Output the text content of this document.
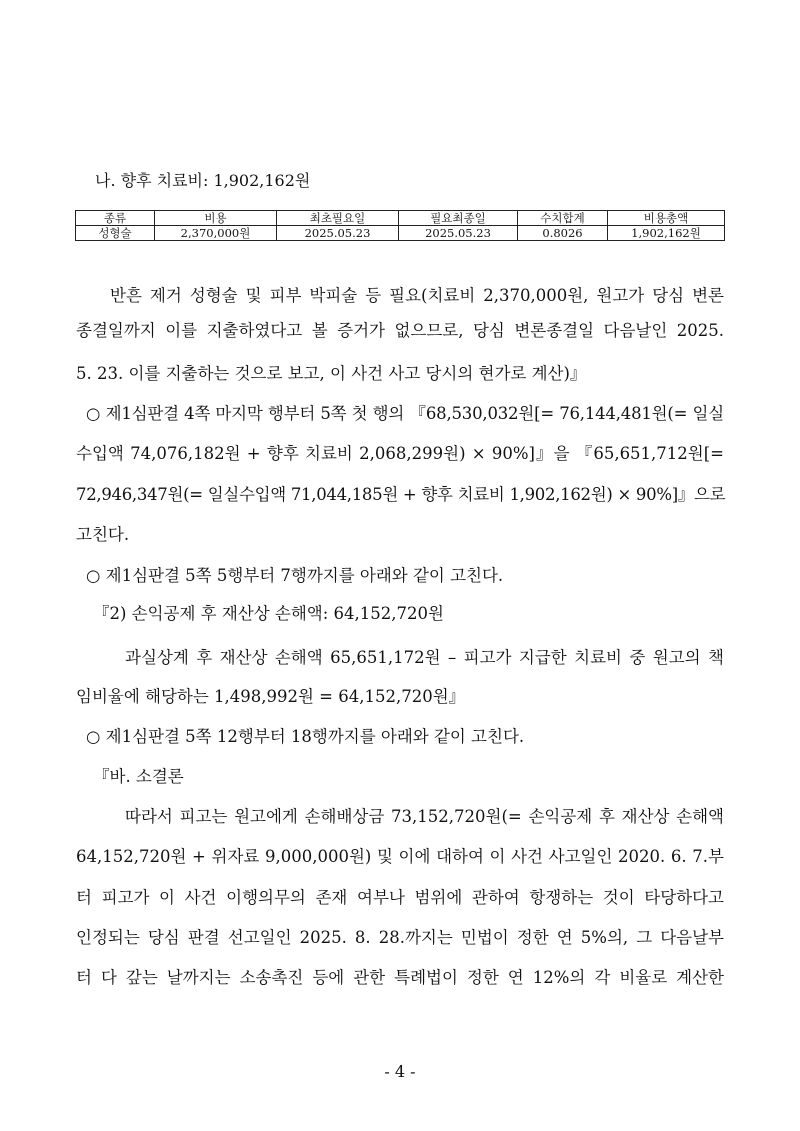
나. 향후 치료비: 1,902,162원
종류	비용	최초필요일	필요최종일	수치합계	비용총액
성형술	2,370,000원	2025.05.23	2025.05.23	0.8026	1,902,162원
반흔 제거 성형술 및 피부 박피술 등 필요(치료비 2,370,000원, 원고가 당심 변론
종결일까지 이를 지출하였다고 볼 증거가 없으므로, 당심 변론종결일 다음날인 2025.
5. 23. 이를 지출하는 것으로 보고, 이 사건 사고 당시의 현가로 계산)』
○ 제1심판결 4쪽 마지막 행부터 5쪽 첫 행의 『68,530,032원[= 76,144,481원(= 일실
수입액 74,076,182원 + 향후 치료비 2,068,299원) × 90%]』을 『65,651,712원[=
72,946,347원(= 일실수입액 71,044,185원 + 향후 치료비 1,902,162원) × 90%]』으로
고친다.
○ 제1심판결 5쪽 5행부터 7행까지를 아래와 같이 고친다.
『2) 손익공제 후 재산상 손해액: 64,152,720원
과실상계 후 재산상 손해액 65,651,172원 – 피고가 지급한 치료비 중 원고의 책
임비율에 해당하는 1,498,992원 = 64,152,720원』
○ 제1심판결 5쪽 12행부터 18행까지를 아래와 같이 고친다.
『바. 소결론
따라서 피고는 원고에게 손해배상금 73,152,720원(= 손익공제 후 재산상 손해액
64,152,720원 + 위자료 9,000,000원) 및 이에 대하여 이 사건 사고일인 2020. 6. 7.부
터 피고가 이 사건 이행의무의 존재 여부나 범위에 관하여 항쟁하는 것이 타당하다고
인정되는 당심 판결 선고일인 2025. 8. 28.까지는 민법이 정한 연 5%의, 그 다음날부
터 다 갚는 날까지는 소송촉진 등에 관한 특례법이 정한 연 12%의 각 비율로 계산한
- 4 -
